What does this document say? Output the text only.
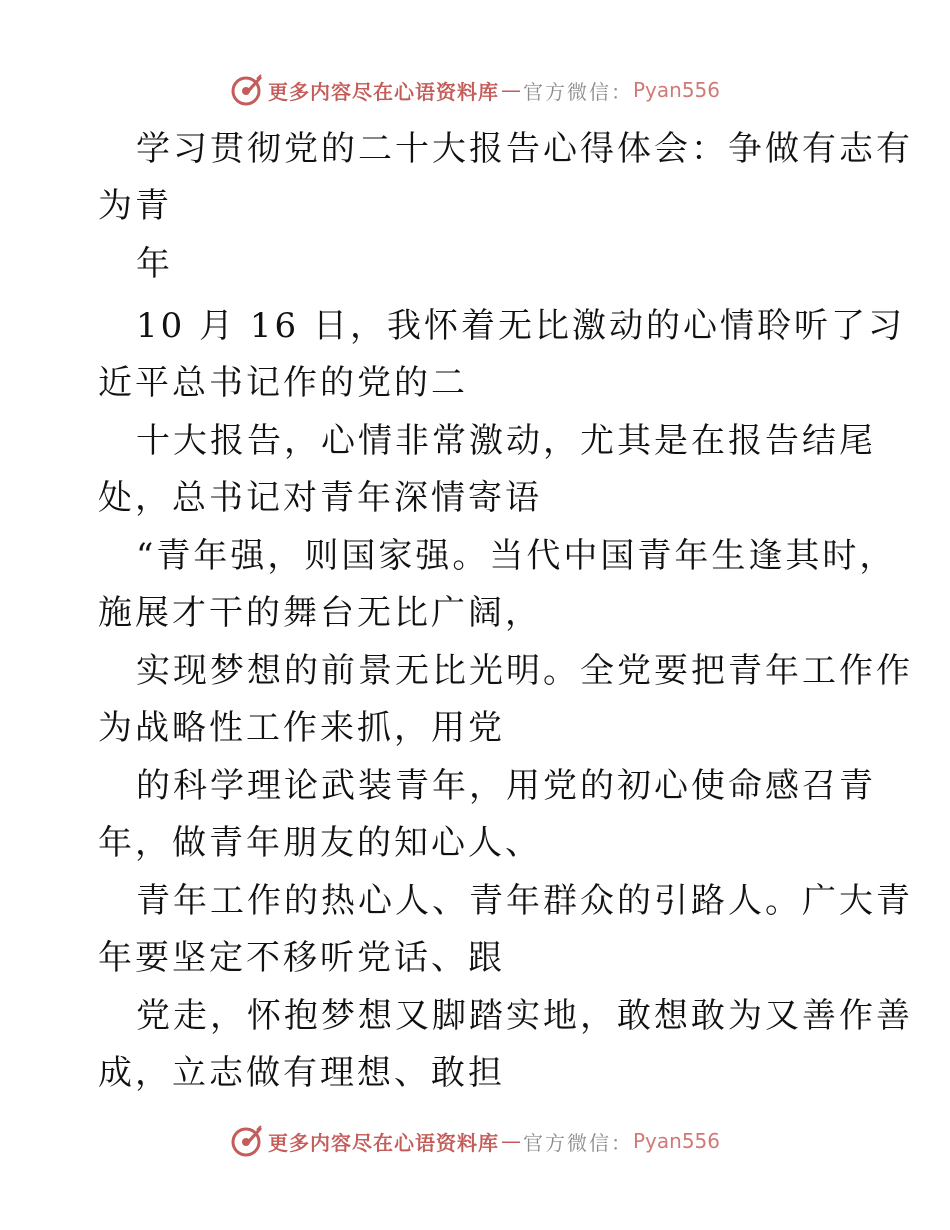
更多内容尽在心语资料库 — 官方微信： Pyan556
学习贯彻党的二十大报告心得体会：争做有志有
为青
年
10 月 16 日，我怀着无比激动的心情聆听了习
近平总书记作的党的二
十大报告，心情非常激动，尤其是在报告结尾
处，总书记对青年深情寄语
“青年强，则国家强。当代中国青年生逢其时，
施展才干的舞台无比广阔，
实现梦想的前景无比光明。全党要把青年工作作
为战略性工作来抓，用党
的科学理论武装青年，用党的初心使命感召青
年，做青年朋友的知心人、
青年工作的热心人、青年群众的引路人。广大青
年要坚定不移听党话、跟
党走，怀抱梦想又脚踏实地，敢想敢为又善作善
成，立志做有理想、敢担
更多内容尽在心语资料库 — 官方微信： Pyan556
